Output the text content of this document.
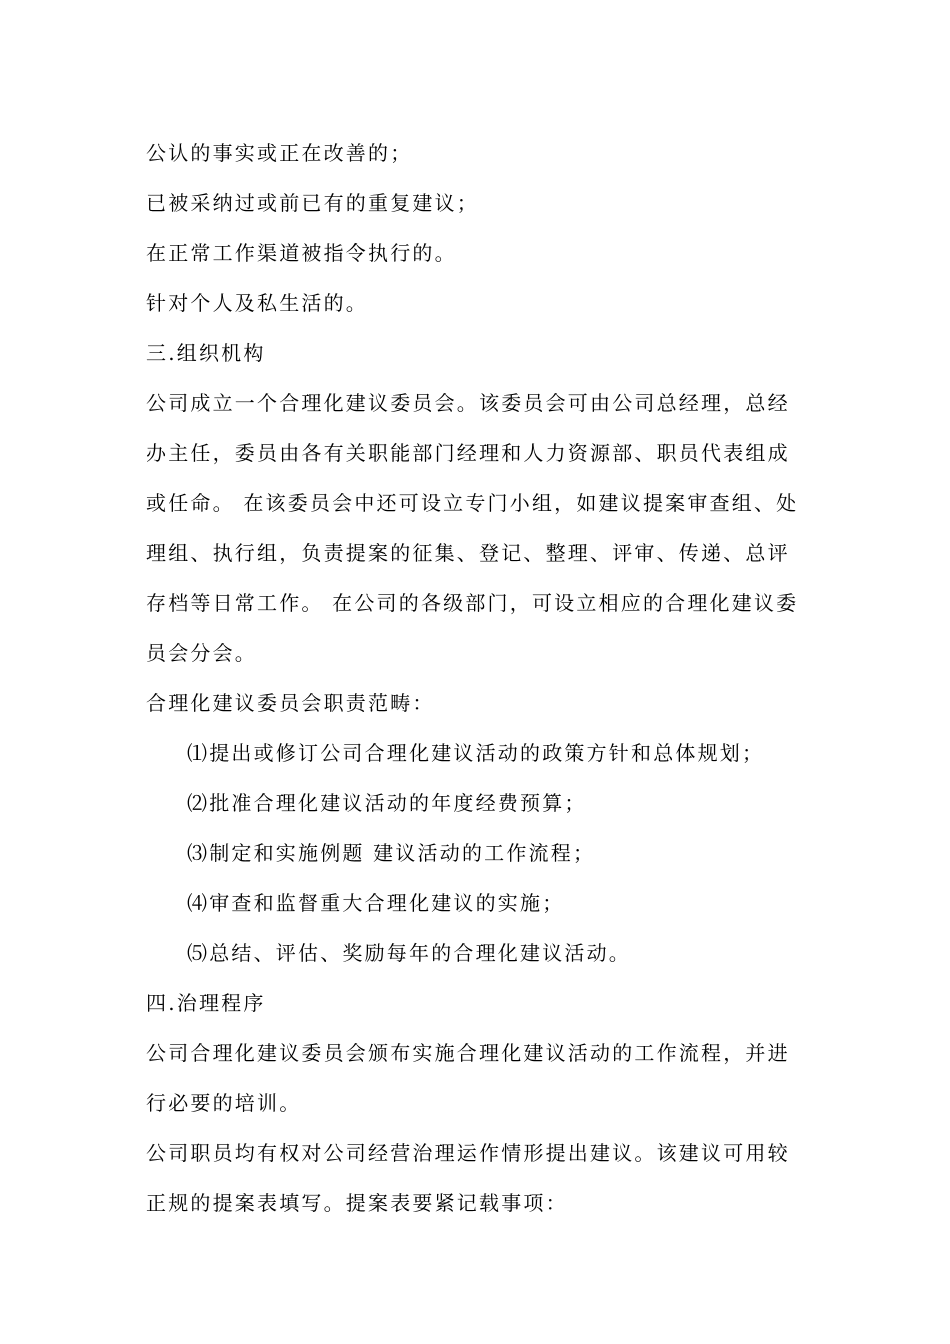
公认的事实或正在改善的；

已被采纳过或前已有的重复建议；

在正常工作渠道被指令执行的。

针对个人及私生活的。

三.组织机构

公司成立一个合理化建议委员会。该委员会可由公司总经理，总经

办主任，委员由各有关职能部门经理和人力资源部、职员代表组成

或任命。 在该委员会中还可设立专门小组，如建议提案审查组、处

理组、执行组，负责提案的征集、登记、整理、评审、传递、总评

存档等日常工作。 在公司的各级部门，可设立相应的合理化建议委

员会分会。

合理化建议委员会职责范畴：

⑴提出或修订公司合理化建议活动的政策方针和总体规划；

⑵批准合理化建议活动的年度经费预算；

⑶制定和实施例题 建议活动的工作流程；

⑷审查和监督重大合理化建议的实施；

⑸总结、评估、奖励每年的合理化建议活动。

四.治理程序

公司合理化建议委员会颁布实施合理化建议活动的工作流程，并进

行必要的培训。

公司职员均有权对公司经营治理运作情形提出建议。该建议可用较

正规的提案表填写。提案表要紧记载事项：
